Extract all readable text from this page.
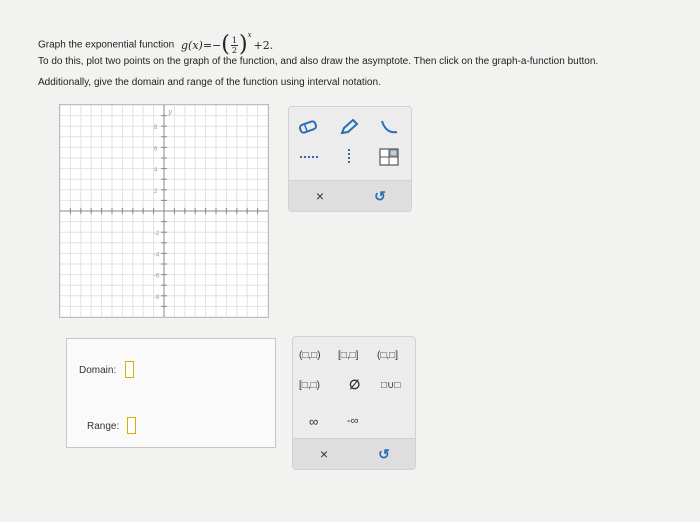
Graph the exponential function g (x) =− ( $\frac{1}{2}$ ) x
+2.
To do this, plot two points on the graph of the function, and also draw the asymptote. Then click on the graph-a-function button.
Additionally, give the domain and range of the function using interval notation.
8
6
4
2
-2
-4
-6
-8
y
×	↺
Domain:
Range:
(□,□) [□,□] (□,□]
[□,□) ∅ □∪□
∞	-∞
×	↺
